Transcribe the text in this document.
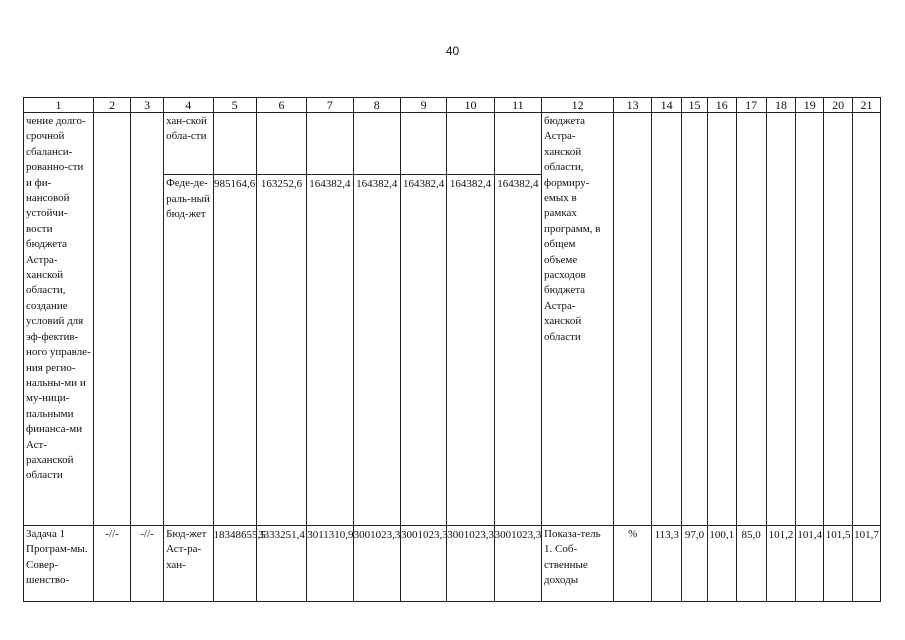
40
1	2	3	4	5	6	7	8	9	10	11	12	13	14	15	16	17	18	19	20	21
чение долго-срочной сбаланси-рованно-сти и фи-нансовой устойчи-вости бюджета Астра-ханской области, создание условий для эф-фектив-ного управле-ния регио-нальны-ми и му-ници-пальными финанса-ми Аст-раханской области			хан-ской обла-сти								бюджета Астра-ханской области, формиру-емых в рамках программ, в общем объеме расходов бюджета Астра-ханской области									
			Феде-де-раль-ный бюд-жет	985164,6	163252,6	164382,4	164382,4	164382,4	164382,4	164382,4										
Задача 1 Програм-мы. Совер-шенство-	-//-	-//-	Бюд-жет Аст-ра-хан-	18348655,5	3333251,4	3011310,9	3001023,3	3001023,3	3001023,3	3001023,3	Показа-тель 1. Соб-ственные доходы	%	113,3	97,0	100,1	85,0	101,2	101,4	101,5	101,7
